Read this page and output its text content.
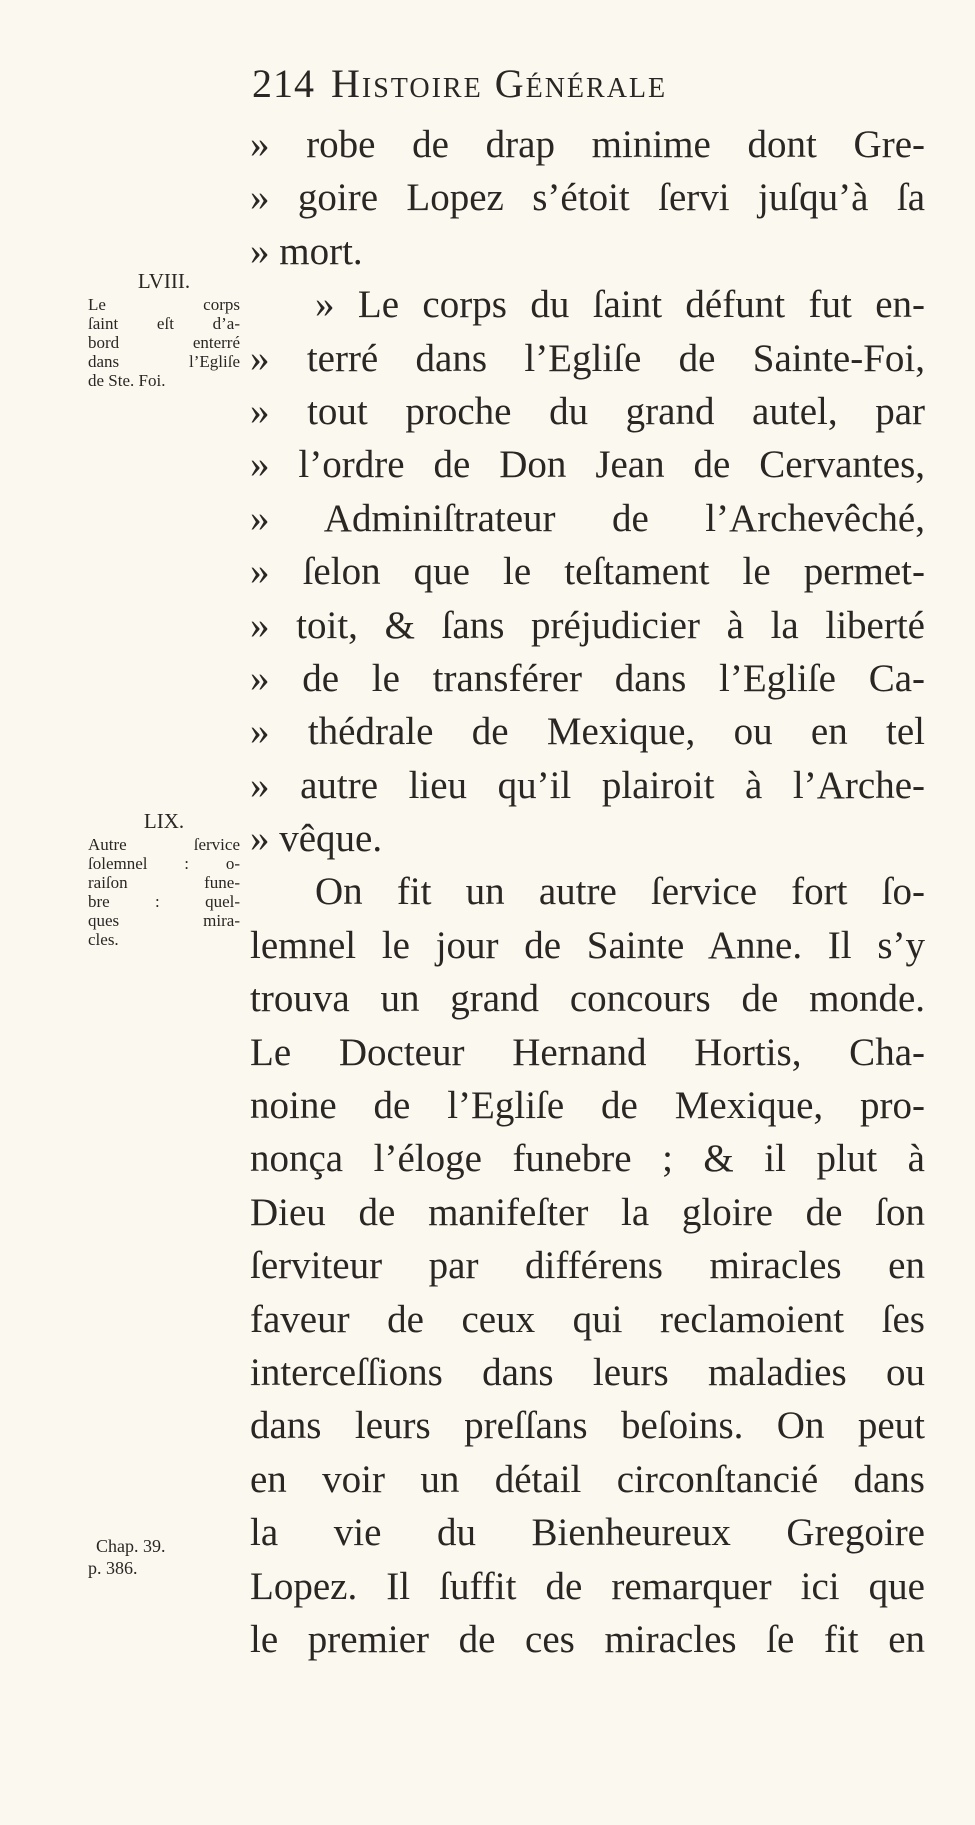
214 Histoire Générale
LVIII.
Le corps
ſaint eſt d’a-
bord enterré
dans l’Egliſe
de Ste. Foi.
LIX.
Autre ſervice
ſolemnel : o-
raiſon fune-
bre : quel-
ques mira-
cles.
Chap. 39.
p. 386.
» robe de drap minime dont Gre-
» goire Lopez s’étoit ſervi juſqu’à ſa
» mort.
» Le corps du ſaint défunt fut en-
» terré dans l’Egliſe de Sainte-Foi,
» tout proche du grand autel, par
» l’ordre de Don Jean de Cervantes,
» Adminiſtrateur de l’Archevêché,
» ſelon que le teſtament le permet-
» toit, & ſans préjudicier à la liberté
» de le transférer dans l’Egliſe Ca-
» thédrale de Mexique, ou en tel
» autre lieu qu’il plairoit à l’Arche-
» vêque.
On fit un autre ſervice fort ſo-
lemnel le jour de Sainte Anne. Il s’y
trouva un grand concours de monde.
Le Docteur Hernand Hortis, Cha-
noine de l’Egliſe de Mexique, pro-
nonça l’éloge funebre ; & il plut à
Dieu de manifeſter la gloire de ſon
ſerviteur par différens miracles en
faveur de ceux qui reclamoient ſes
interceſſions dans leurs maladies ou
dans leurs preſſans beſoins. On peut
en voir un détail circonſtancié dans
la vie du Bienheureux Gregoire
Lopez. Il ſuffit de remarquer ici que
le premier de ces miracles ſe fit en
